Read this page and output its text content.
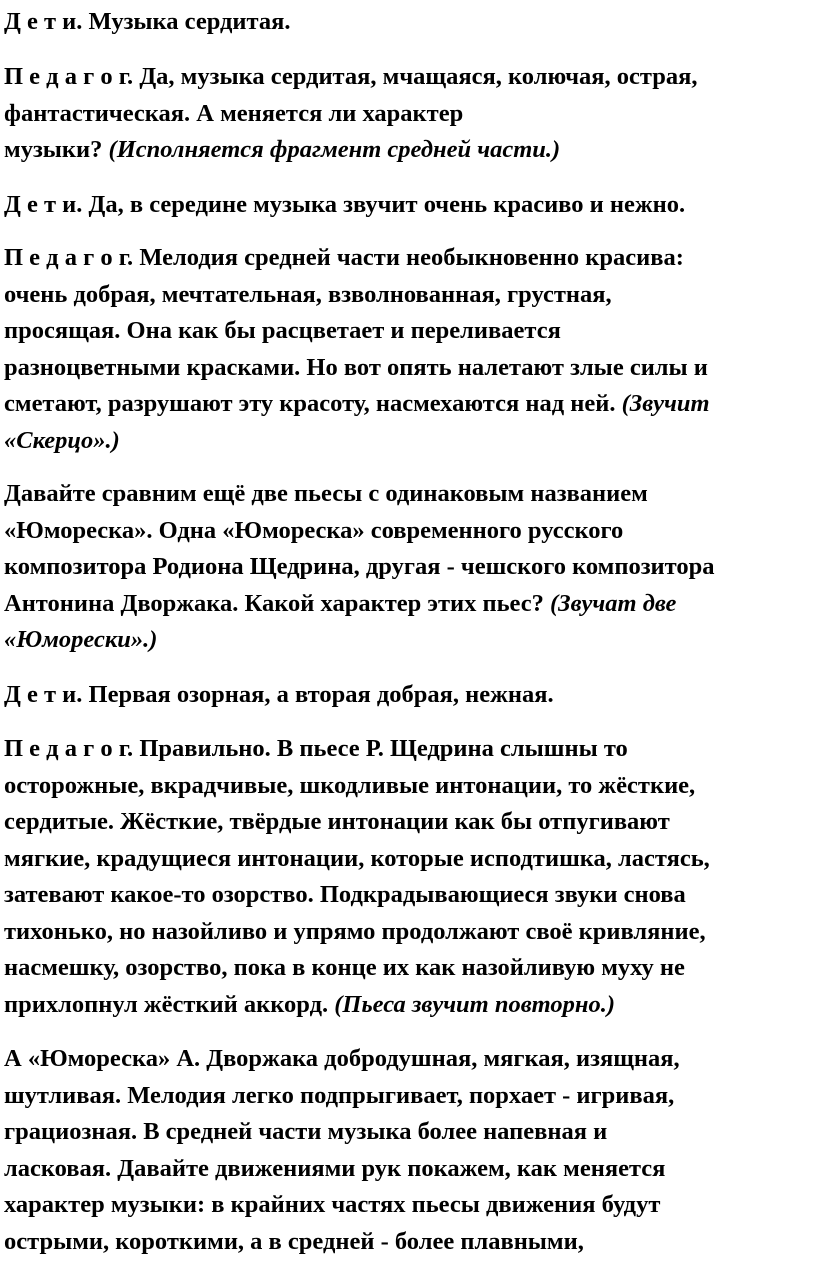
Д е т и. Музыка сердитая.
П е д а г о г. Да, музыка сердитая, мчащаяся, колючая, острая,
фантастическая. А меняется ли характер
музыки? (Исполняется фрагмент средней части.)
Д е т и. Да, в середине музыка звучит очень красиво и нежно.
П е д а г о г. Мелодия средней части необыкновенно красива:
очень добрая, мечтательная, взволнованная, грустная,
просящая. Она как бы расцветает и переливается
разноцветными красками. Но вот опять налетают злые силы и
сметают, разрушают эту красоту, насмехаются над ней. (Звучит
«Скерцо».)
Давайте сравним ещё две пьесы с одинаковым названием
«Юмореска». Одна «Юмореска» современного русского
композитора Родиона Щедрина, другая - чешского композитора
Антонина Дворжака. Какой характер этих пьес? (Звучат две
«Юморески».)
Д е т и. Первая озорная, а вторая добрая, нежная.
П е д а г о г. Правильно. В пьесе Р. Щедрина слышны то
осторожные, вкрадчивые, шкодливые интонации, то жёсткие,
сердитые. Жёсткие, твёрдые интонации как бы отпугивают
мягкие, крадущиеся интонации, которые исподтишка, ластясь,
затевают какое-то озорство. Подкрадывающиеся звуки снова
тихонько, но назойливо и упрямо продолжают своё кривляние,
насмешку, озорство, пока в конце их как назойливую муху не
прихлопнул жёсткий аккорд. (Пьеса звучит повторно.)
А «Юмореска» А. Дворжака добродушная, мягкая, изящная,
шутливая. Мелодия легко подпрыгивает, порхает - игривая,
грациозная. В средней части музыка более напевная и
ласковая. Давайте движениями рук покажем, как меняется
характер музыки: в крайних частях пьесы движения будут
острыми, короткими, а в средней - более плавными,
